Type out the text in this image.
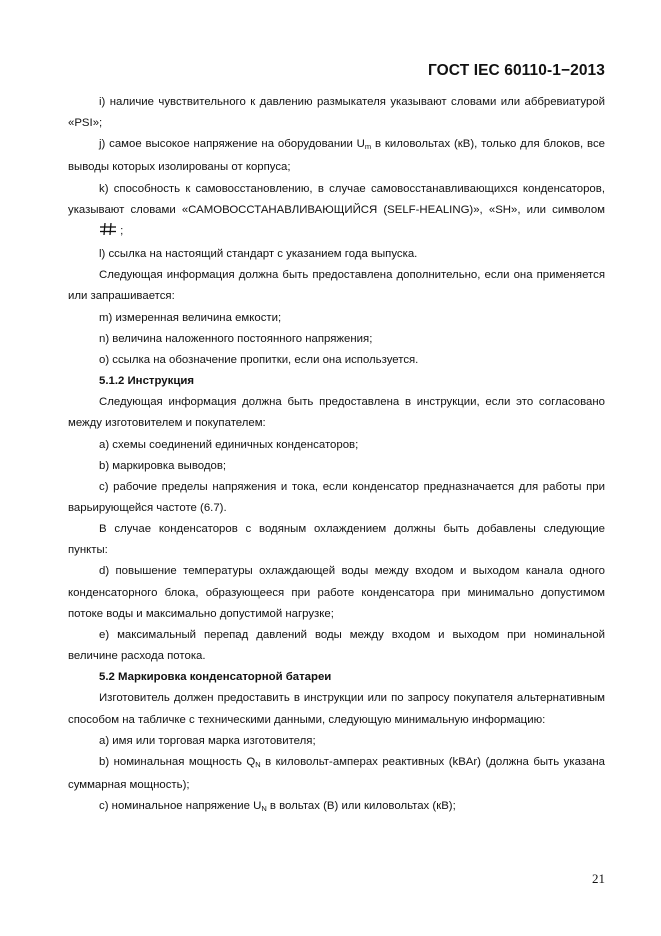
ГОСТ IEC 60110-1−2013

i) наличие чувствительного к давлению размыкателя указывают словами или аббревиатурой «PSI»;

j) самое высокое напряжение на оборудовании $U_m$ в киловольтах (кВ), только для блоков, все выводы которых изолированы от корпуса;

k) способность к самовосстановлению, в случае самовосстанавливающихся конденсаторов, указывают словами «САМОВОССТАНАВЛИВАЮЩИЙСЯ (SELF-HEALING)», «SH», или символом  ;

l) ссылка на настоящий стандарт с указанием года выпуска.

Следующая информация должна быть предоставлена дополнительно, если она применяется или запрашивается:

m) измеренная величина емкости;

n) величина наложенного постоянного напряжения;

o) ссылка на обозначение пропитки, если она используется.

5.1.2 Инструкция

Следующая информация должна быть предоставлена в инструкции, если это согласовано между изготовителем и покупателем:

a) схемы соединений единичных конденсаторов;

b) маркировка выводов;

c) рабочие пределы напряжения и тока, если конденсатор предназначается для работы при варьирующейся частоте (6.7).

В случае конденсаторов с водяным охлаждением должны быть добавлены следующие пункты:

d) повышение температуры охлаждающей воды между входом и выходом канала одного конденсаторного блока, образующееся при работе конденсатора при минимально допустимом потоке воды и максимально допустимой нагрузке;

e) максимальный перепад давлений воды между входом и выходом при номинальной величине расхода потока.

5.2 Маркировка конденсаторной батареи

Изготовитель должен предоставить в инструкции или по запросу покупателя альтернативным способом на табличке с техническими данными, следующую минимальную информацию:

a) имя или торговая марка изготовителя;

b) номинальная мощность $Q_N$ в киловольт-амперах реактивных (kBAr) (должна быть указана суммарная мощность);

c) номинальное напряжение $U_N$ в вольтах (В) или киловольтах (кВ);

21
